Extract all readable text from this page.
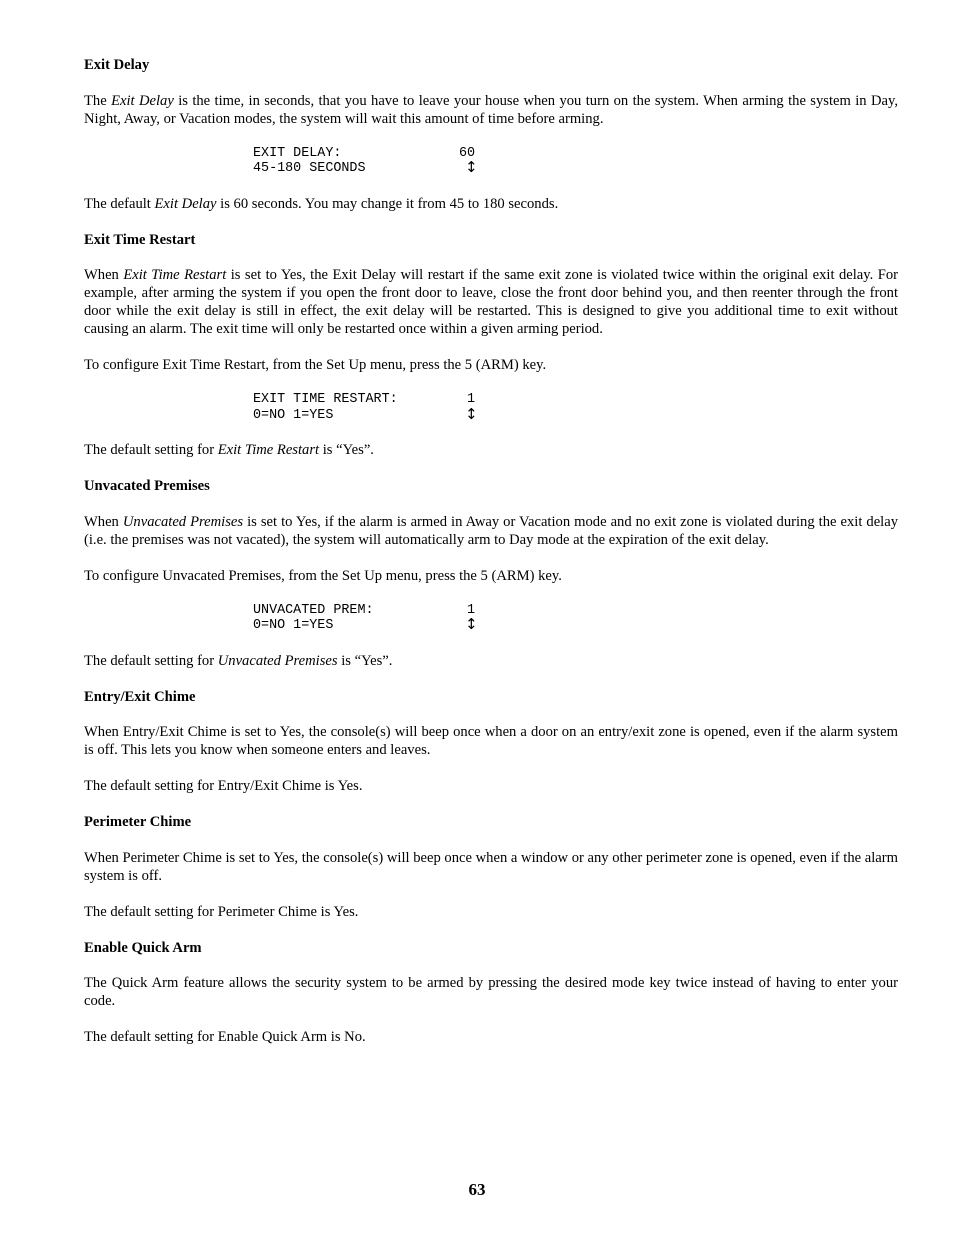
Exit Delay

The Exit Delay is the time, in seconds, that you have to leave your house when you turn on the system. When arming the system in Day, Night, Away, or Vacation modes, the system will wait this amount of time before arming.

EXIT DELAY:	60
45-180 SECONDS	↕

The default Exit Delay is 60 seconds. You may change it from 45 to 180 seconds.

Exit Time Restart

When Exit Time Restart is set to Yes, the Exit Delay will restart if the same exit zone is violated twice within the original exit delay. For example, after arming the system if you open the front door to leave, close the front door behind you, and then reenter through the front door while the exit delay is still in effect, the exit delay will be restarted. This is designed to give you additional time to exit without causing an alarm. The exit time will only be restarted once within a given arming period.

To configure Exit Time Restart, from the Set Up menu, press the 5 (ARM) key.

EXIT TIME RESTART:	1
0=NO 1=YES	↕

The default setting for Exit Time Restart is “Yes”.

Unvacated Premises

When Unvacated Premises is set to Yes, if the alarm is armed in Away or Vacation mode and no exit zone is violated during the exit delay (i.e. the premises was not vacated), the system will automatically arm to Day mode at the expiration of the exit delay.

To configure Unvacated Premises, from the Set Up menu, press the 5 (ARM) key.

UNVACATED PREM:	1
0=NO 1=YES	↕

The default setting for Unvacated Premises is “Yes”.

Entry/Exit Chime

When Entry/Exit Chime is set to Yes, the console(s) will beep once when a door on an entry/exit zone is opened, even if the alarm system is off. This lets you know when someone enters and leaves.

The default setting for Entry/Exit Chime is Yes.

Perimeter Chime

When Perimeter Chime is set to Yes, the console(s) will beep once when a window or any other perimeter zone is opened, even if the alarm system is off.

The default setting for Perimeter Chime is Yes.

Enable Quick Arm

The Quick Arm feature allows the security system to be armed by pressing the desired mode key twice instead of having to enter your code.

The default setting for Enable Quick Arm is No.

63
